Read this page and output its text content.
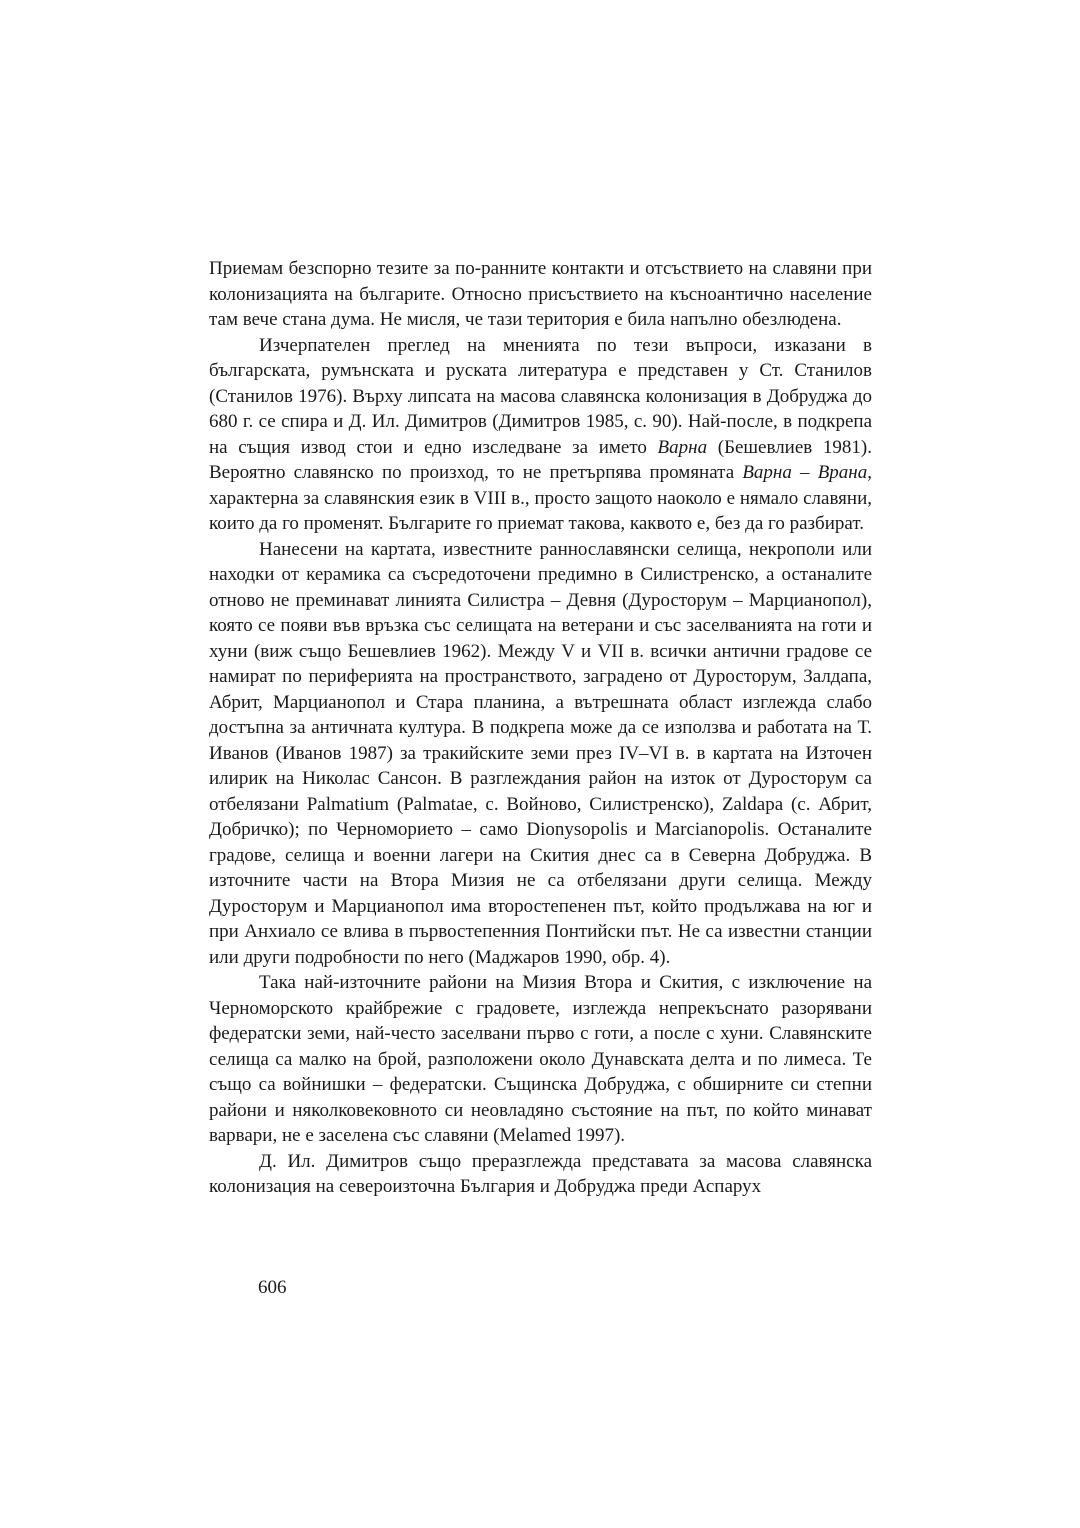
Приемам безспорно тезите за по-ранните контакти и отсъствието на славяни при колонизацията на българите. Относно присъствието на късноантично население там вече стана дума. Не мисля, че тази територия е била напълно обезлюдена.

Изчерпателен преглед на мненията по тези въпроси, изказани в българската, румънската и руската литература е представен у Ст. Станилов (Станилов 1976). Върху липсата на масова славянска колонизация в Добруджа до 680 г. се спира и Д. Ил. Димитров (Димитров 1985, с. 90). Най-после, в подкрепа на същия извод стои и едно изследване за името Варна (Бешевлиев 1981). Вероятно славянско по произход, то не претърпява промяната Варна – Врана, характерна за славянския език в VIII в., просто защото наоколо е нямало славяни, които да го променят. Българите го приемат такова, каквото е, без да го разбират.

Нанесени на картата, известните раннославянски селища, некрополи или находки от керамика са съсредоточени предимно в Силистренско, а останалите отново не преминават линията Силистра – Девня (Дуросторум – Марцианопол), която се появи във връзка със селищата на ветерани и със заселванията на готи и хуни (виж също Бешевлиев 1962). Между V и VII в. всички антични градове се намират по периферията на пространството, заградено от Дуросторум, Залдапа, Абрит, Марцианопол и Стара планина, а вътрешната област изглежда слабо достъпна за античната култура. В подкрепа може да се използва и работата на Т. Иванов (Иванов 1987) за тракийските земи през IV–VI в. в картата на Източен илирик на Николас Сансон. В разглеждания район на изток от Дуросторум са отбелязани Palmatium (Palmatae, с. Войново, Силистренско), Zaldapa (с. Абрит, Добричко); по Черноморието – само Dionysopolis и Marcianopolis. Останалите градове, селища и военни лагери на Скития днес са в Северна Добруджа. В източните части на Втора Мизия не са отбелязани други селища. Между Дуросторум и Марцианопол има второстепенен път, който продължава на юг и при Анхиало се влива в първостепенния Понтийски път. Не са известни станции или други подробности по него (Маджаров 1990, обр. 4).

Така най-източните райони на Мизия Втора и Скития, с изключение на Черноморското крайбрежие с градовете, изглежда непрекъснато разорявани федератски земи, най-често заселвани първо с готи, а после с хуни. Славянските селища са малко на брой, разположени около Дунавската делта и по лимеса. Те също са войнишки – федератски. Същинска Добруджа, с обширните си степни райони и няколковековното си неовладяно състояние на път, по който минават варвари, не е заселена със славяни (Melamed 1997).

Д. Ил. Димитров също преразглежда представата за масова славянска колонизация на североизточна България и Добруджа преди Аспарух

606
